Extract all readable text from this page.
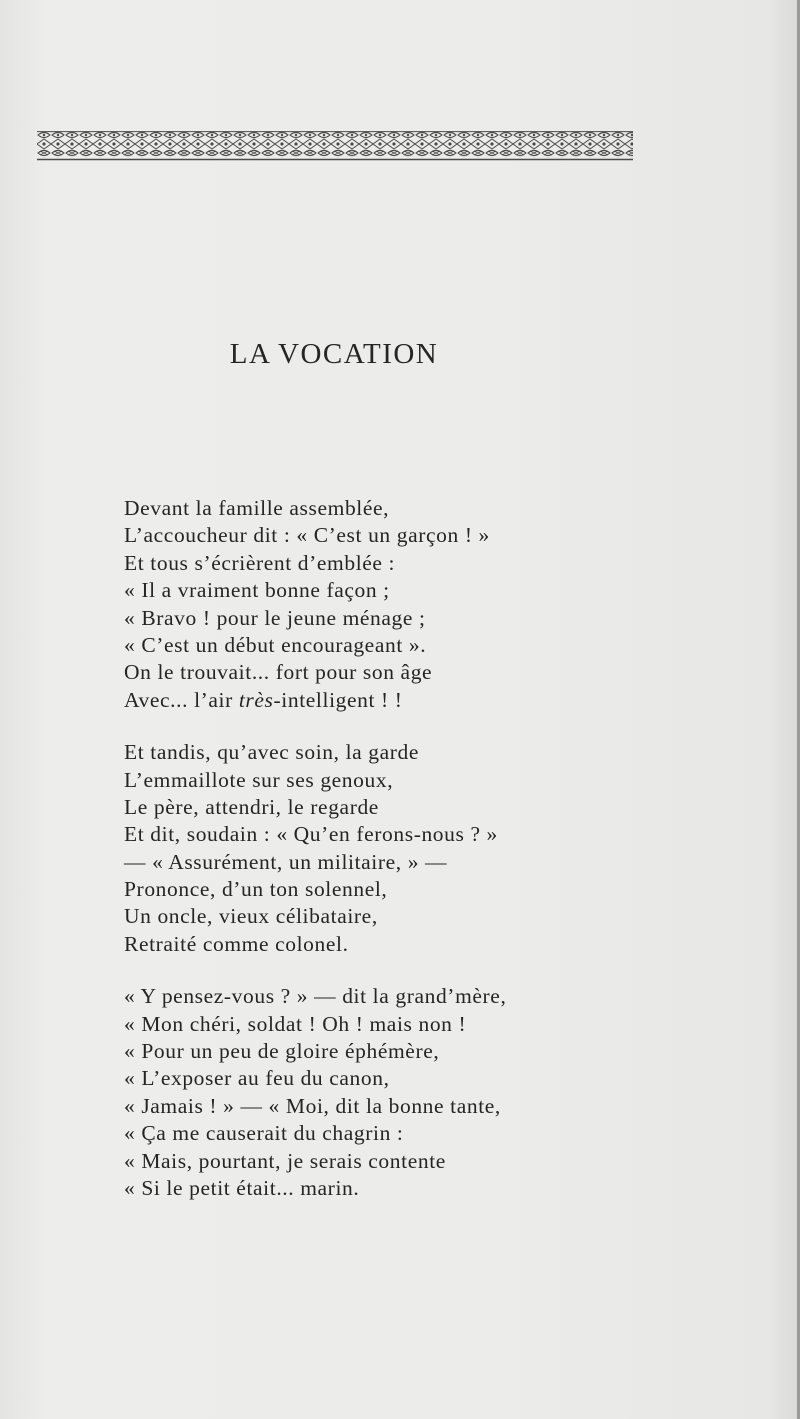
LA VOCATION

Devant la famille assemblée,
L’accoucheur dit : « C’est un garçon ! »
Et tous s’écrièrent d’emblée :
« Il a vraiment bonne façon ;
« Bravo ! pour le jeune ménage ;
« C’est un début encourageant ».
On le trouvait... fort pour son âge
Avec... l’air très-intelligent ! !

Et tandis, qu’avec soin, la garde
L’emmaillote sur ses genoux,
Le père, attendri, le regarde
Et dit, soudain : « Qu’en ferons-nous ? »
— « Assurément, un militaire, » —
Prononce, d’un ton solennel,
Un oncle, vieux célibataire,
Retraité comme colonel.

« Y pensez-vous ? » — dit la grand’mère,
« Mon chéri, soldat ! Oh ! mais non !
« Pour un peu de gloire éphémère,
« L’exposer au feu du canon,
« Jamais ! » — « Moi, dit la bonne tante,
« Ça me causerait du chagrin :
« Mais, pourtant, je serais contente
« Si le petit était... marin.
